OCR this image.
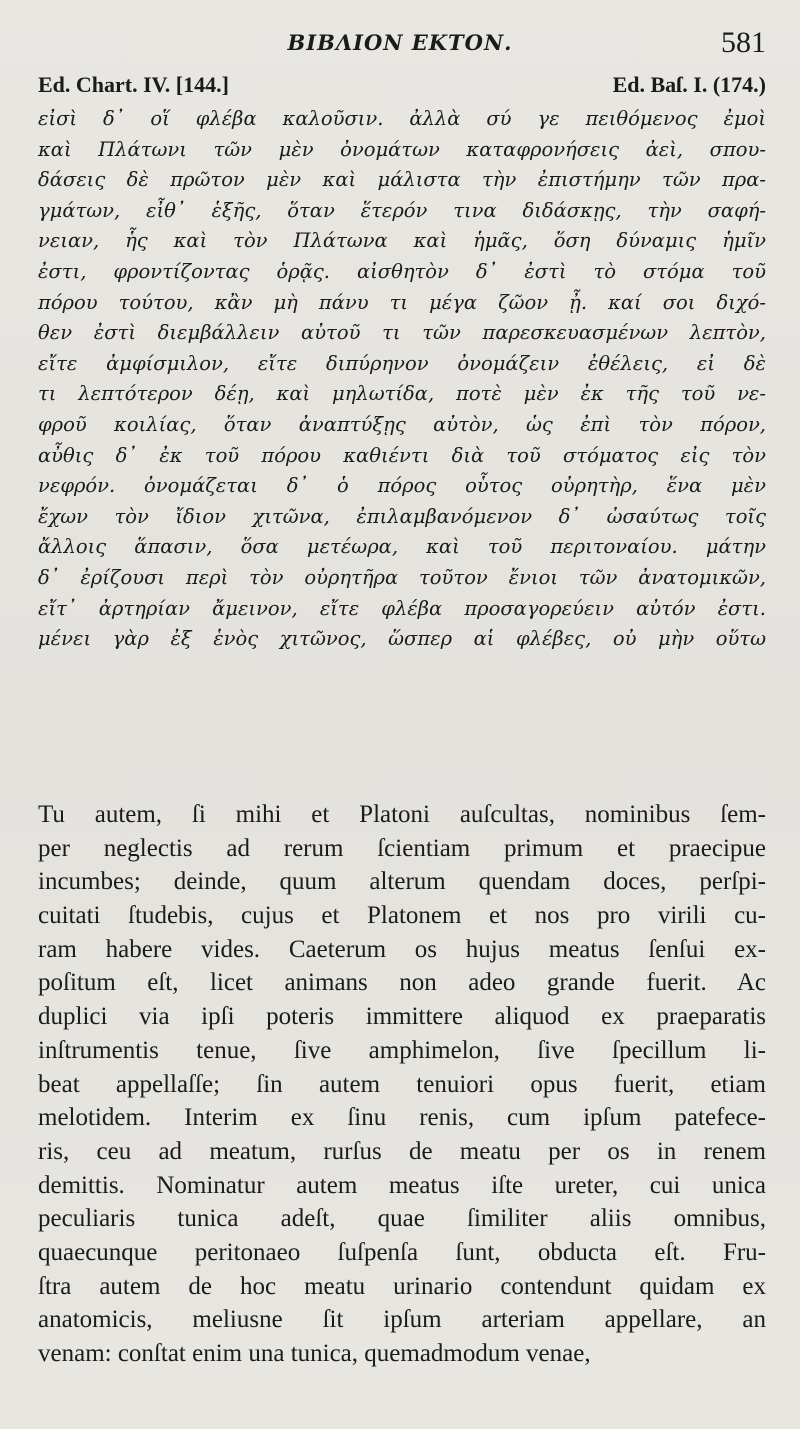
ΒΙΒΛΙΟΝ ΕΚΤΟΝ.	581
Ed. Chart. IV. [144.]	Ed. Baſ. I. (174.)
εἰσὶ δ᾽ οἵ φλέβα καλοῦσιν. ἀλλὰ σύ γε πειθόμενος ἐμοὶ
καὶ Πλάτωνι τῶν μὲν ὀνομάτων καταφρονήσεις ἀεὶ, σπου-
δάσεις δὲ πρῶτον μὲν καὶ μάλιστα τὴν ἐπιστήμην τῶν πρα-
γμάτων, εἶθ᾽ ἑξῆς, ὅταν ἕτερόν τινα διδάσκῃς, τὴν σαφή-
νειαν, ἧς καὶ τὸν Πλάτωνα καὶ ἡμᾶς, ὅση δύναμις ἡμῖν
ἐστι, φροντίζοντας ὁρᾷς. αἰσθητὸν δ᾽ ἐστὶ τὸ στόμα τοῦ
πόρου τούτου, κἂν μὴ πάνυ τι μέγα ζῶον ᾖ. καί σοι διχό-
θεν ἐστὶ διεμβάλλειν αὐτοῦ τι τῶν παρεσκευασμένων λεπτὸν,
εἴτε ἀμφίσμιλον, εἴτε διπύρηνον ὀνομάζειν ἐθέλεις, εἰ δὲ
τι λεπτότερον δέῃ, καὶ μηλωτίδα, ποτὲ μὲν ἐκ τῆς τοῦ νε-
φροῦ κοιλίας, ὅταν ἀναπτύξῃς αὐτὸν, ὡς ἐπὶ τὸν πόρον,
αὖθις δ᾽ ἐκ τοῦ πόρου καθιέντι διὰ τοῦ στόματος εἰς τὸν
νεφρόν. ὀνομάζεται δ᾽ ὁ πόρος οὗτος οὐρητὴρ, ἕνα μὲν
ἔχων τὸν ἴδιον χιτῶνα, ἐπιλαμβανόμενον δ᾽ ὡσαύτως τοῖς
ἄλλοις ἅπασιν, ὅσα μετέωρα, καὶ τοῦ περιτοναίου. μάτην
δ᾽ ἐρίζουσι περὶ τὸν οὐρητῆρα τοῦτον ἔνιοι τῶν ἀνατομικῶν,
εἴτ᾽ ἀρτηρίαν ἄμεινον, εἴτε φλέβα προσαγορεύειν αὐτόν ἐστι.
μένει γὰρ ἐξ ἑνὸς χιτῶνος, ὥσπερ αἱ φλέβες, οὐ μὴν οὕτω
Tu autem, ſi mihi et Platoni auſcultas, nominibus ſem-
per neglectis ad rerum ſcientiam primum et praecipue
incumbes; deinde, quum alterum quendam doces, perſpi-
cuitati ſtudebis, cujus et Platonem et nos pro virili cu-
ram habere vides. Caeterum os hujus meatus ſenſui ex-
poſitum eſt, licet animans non adeo grande fuerit. Ac
duplici via ipſi poteris immittere aliquod ex praeparatis
inſtrumentis tenue, ſive amphimelon, ſive ſpecillum li-
beat appellaſſe; ſin autem tenuiori opus fuerit, etiam
melotidem. Interim ex ſinu renis, cum ipſum patefece-
ris, ceu ad meatum, rurſus de meatu per os in renem
demittis. Nominatur autem meatus iſte ureter, cui unica
peculiaris tunica adeſt, quae ſimiliter aliis omnibus,
quaecunque peritonaeo ſuſpenſa ſunt, obducta eſt. Fru-
ſtra autem de hoc meatu urinario contendunt quidam ex
anatomicis, meliusne ſit ipſum arteriam appellare, an
venam: conſtat enim una tunica, quemadmodum venae,
